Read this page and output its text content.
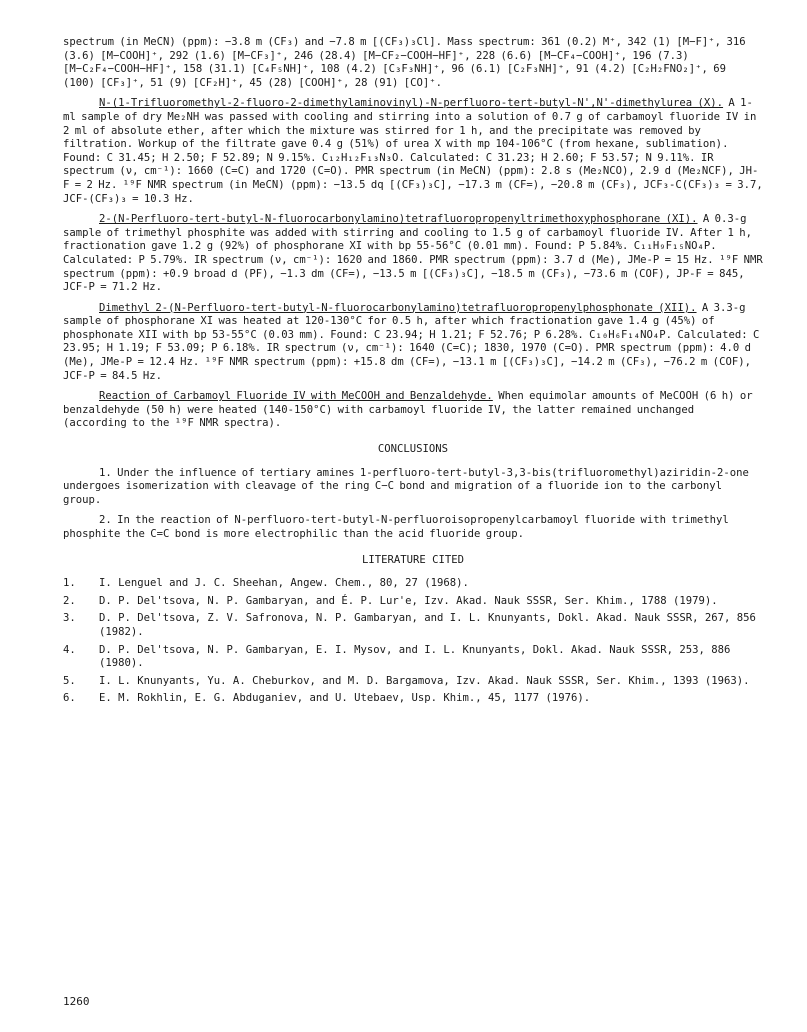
spectrum (in MeCN) (ppm): −3.8 m (CF₃) and −7.8 m [(CF₃)₃Cl]. Mass spectrum: 361 (0.2) M⁺, 342 (1) [M−F]⁺, 316 (3.6) [M−COOH]⁺, 292 (1.6) [M−CF₃]⁺, 246 (28.4) [M−CF₂−COOH−HF]⁺, 228 (6.6) [M−CF₄−COOH]⁺, 196 (7.3) [M−C₂F₄−COOH−HF]⁺, 158 (31.1) [C₄F₅NH]⁺, 108 (4.2) [C₃F₃NH]⁺, 96 (6.1) [C₂F₃NH]⁺, 91 (4.2) [C₂H₂FNO₂]⁺, 69 (100) [CF₃]⁺, 51 (9) [CF₂H]⁺, 45 (28) [COOH]⁺, 28 (91) [CO]⁺.

N-(1-Trifluoromethyl-2-fluoro-2-dimethylaminovinyl)-N-perfluoro-tert-butyl-N',N'-dimethylurea (X). A 1-ml sample of dry Me₂NH was passed with cooling and stirring into a solution of 0.7 g of carbamoyl fluoride IV in 2 ml of absolute ether, after which the mixture was stirred for 1 h, and the precipitate was removed by filtration. Workup of the filtrate gave 0.4 g (51%) of urea X with mp 104-106°C (from hexane, sublimation). Found: C 31.45; H 2.50; F 52.89; N 9.15%. C₁₂H₁₂F₁₃N₃O. Calculated: C 31.23; H 2.60; F 53.57; N 9.11%. IR spectrum (ν, cm⁻¹): 1660 (C=C) and 1720 (C=O). PMR spectrum (in MeCN) (ppm): 2.8 s (Me₂NCO), 2.9 d (Me₂NCF), JH-F = 2 Hz. ¹⁹F NMR spectrum (in MeCN) (ppm): −13.5 dq [(CF₃)₃C], −17.3 m (CF=), −20.8 m (CF₃), JCF₃-C(CF₃)₃ = 3.7, JCF-(CF₃)₃ = 10.3 Hz.

2-(N-Perfluoro-tert-butyl-N-fluorocarbonylamino)tetrafluoropropenyltrimethoxyphosphorane (XI). A 0.3-g sample of trimethyl phosphite was added with stirring and cooling to 1.5 g of carbamoyl fluoride IV. After 1 h, fractionation gave 1.2 g (92%) of phosphorane XI with bp 55-56°C (0.01 mm). Found: P 5.84%. C₁₁H₉F₁₅NO₄P. Calculated: P 5.79%. IR spectrum (ν, cm⁻¹): 1620 and 1860. PMR spectrum (ppm): 3.7 d (Me), JMe-P = 15 Hz. ¹⁹F NMR spectrum (ppm): +0.9 broad d (PF), −1.3 dm (CF=), −13.5 m [(CF₃)₃C], −18.5 m (CF₃), −73.6 m (COF), JP-F = 845, JCF-P = 71.2 Hz.

Dimethyl 2-(N-Perfluoro-tert-butyl-N-fluorocarbonylamino)tetrafluoropropenylphosphonate (XII). A 3.3-g sample of phosphorane XI was heated at 120-130°C for 0.5 h, after which fractionation gave 1.4 g (45%) of phosphonate XII with bp 53-55°C (0.03 mm). Found: C 23.94; H 1.21; F 52.76; P 6.28%. C₁₀H₆F₁₄NO₄P. Calculated: C 23.95; H 1.19; F 53.09; P 6.18%. IR spectrum (ν, cm⁻¹): 1640 (C=C); 1830, 1970 (C=O). PMR spectrum (ppm): 4.0 d (Me), JMe-P = 12.4 Hz. ¹⁹F NMR spectrum (ppm): +15.8 dm (CF=), −13.1 m [(CF₃)₃C], −14.2 m (CF₃), −76.2 m (COF), JCF-P = 84.5 Hz.

Reaction of Carbamoyl Fluoride IV with MeCOOH and Benzaldehyde. When equimolar amounts of MeCOOH (6 h) or benzaldehyde (50 h) were heated (140-150°C) with carbamoyl fluoride IV, the latter remained unchanged (according to the ¹⁹F NMR spectra).

CONCLUSIONS

1. Under the influence of tertiary amines 1-perfluoro-tert-butyl-3,3-bis(trifluoromethyl)aziridin-2-one undergoes isomerization with cleavage of the ring C−C bond and migration of a fluoride ion to the carbonyl group.

2. In the reaction of N-perfluoro-tert-butyl-N-perfluoroisopropenylcarbamoyl fluoride with trimethyl phosphite the C=C bond is more electrophilic than the acid fluoride group.

LITERATURE CITED
1.	I. Lenguel and J. C. Sheehan, Angew. Chem., 80, 27 (1968).
2.	D. P. Del'tsova, N. P. Gambaryan, and É. P. Lur'e, Izv. Akad. Nauk SSSR, Ser. Khim., 1788 (1979).
3.	D. P. Del'tsova, Z. V. Safronova, N. P. Gambaryan, and I. L. Knunyants, Dokl. Akad. Nauk SSSR, 267, 856 (1982).
4.	D. P. Del'tsova, N. P. Gambaryan, E. I. Mysov, and I. L. Knunyants, Dokl. Akad. Nauk SSSR, 253, 886 (1980).
5.	I. L. Knunyants, Yu. A. Cheburkov, and M. D. Bargamova, Izv. Akad. Nauk SSSR, Ser. Khim., 1393 (1963).
6.	E. M. Rokhlin, E. G. Abduganiev, and U. Utebaev, Usp. Khim., 45, 1177 (1976).
1260
